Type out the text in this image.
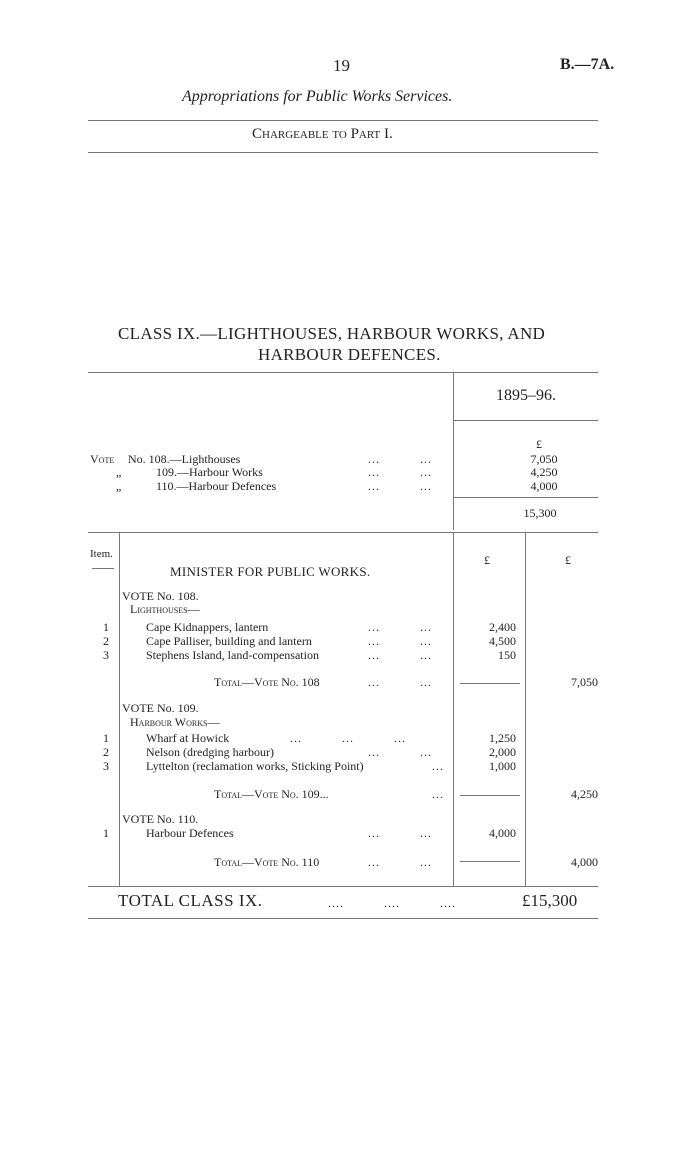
19	B.—7A.
Appropriations for Public Works Services.
Chargeable to Part I.
CLASS IX.—LIGHTHOUSES, HARBOUR WORKS, AND
HARBOUR DEFENCES.
1895–96.
£
Vote No. 108.—Lighthouses	...          ...	7,050
„	109.—Harbour Works	...          ...	4,250
„	110.—Harbour Defences	...          ...	4,000
15,300
Item.	£	£
MINISTER FOR PUBLIC WORKS.
VOTE No. 108.
Lighthouses—
1	Cape Kidnappers, lantern	...          ...	2,400
2	Cape Palliser, building and lantern	...          ...	4,500
3	Stephens Island, land-compensation	...          ...	150
Total—Vote No. 108	...          ...	7,050
VOTE No. 109.
Harbour Works—
1	Wharf at Howick	...          ...          ...	1,250
2	Nelson (dredging harbour)	...          ...	2,000
3	Lyttelton (reclamation works, Sticking Point)	...	1,000
Total—Vote No. 109...	...	4,250
VOTE No. 110.
1	Harbour Defences	...          ...	4,000
Total—Vote No. 110	...          ...	4,000
TOTAL CLASS IX.	....          ....          ....	£15,300
